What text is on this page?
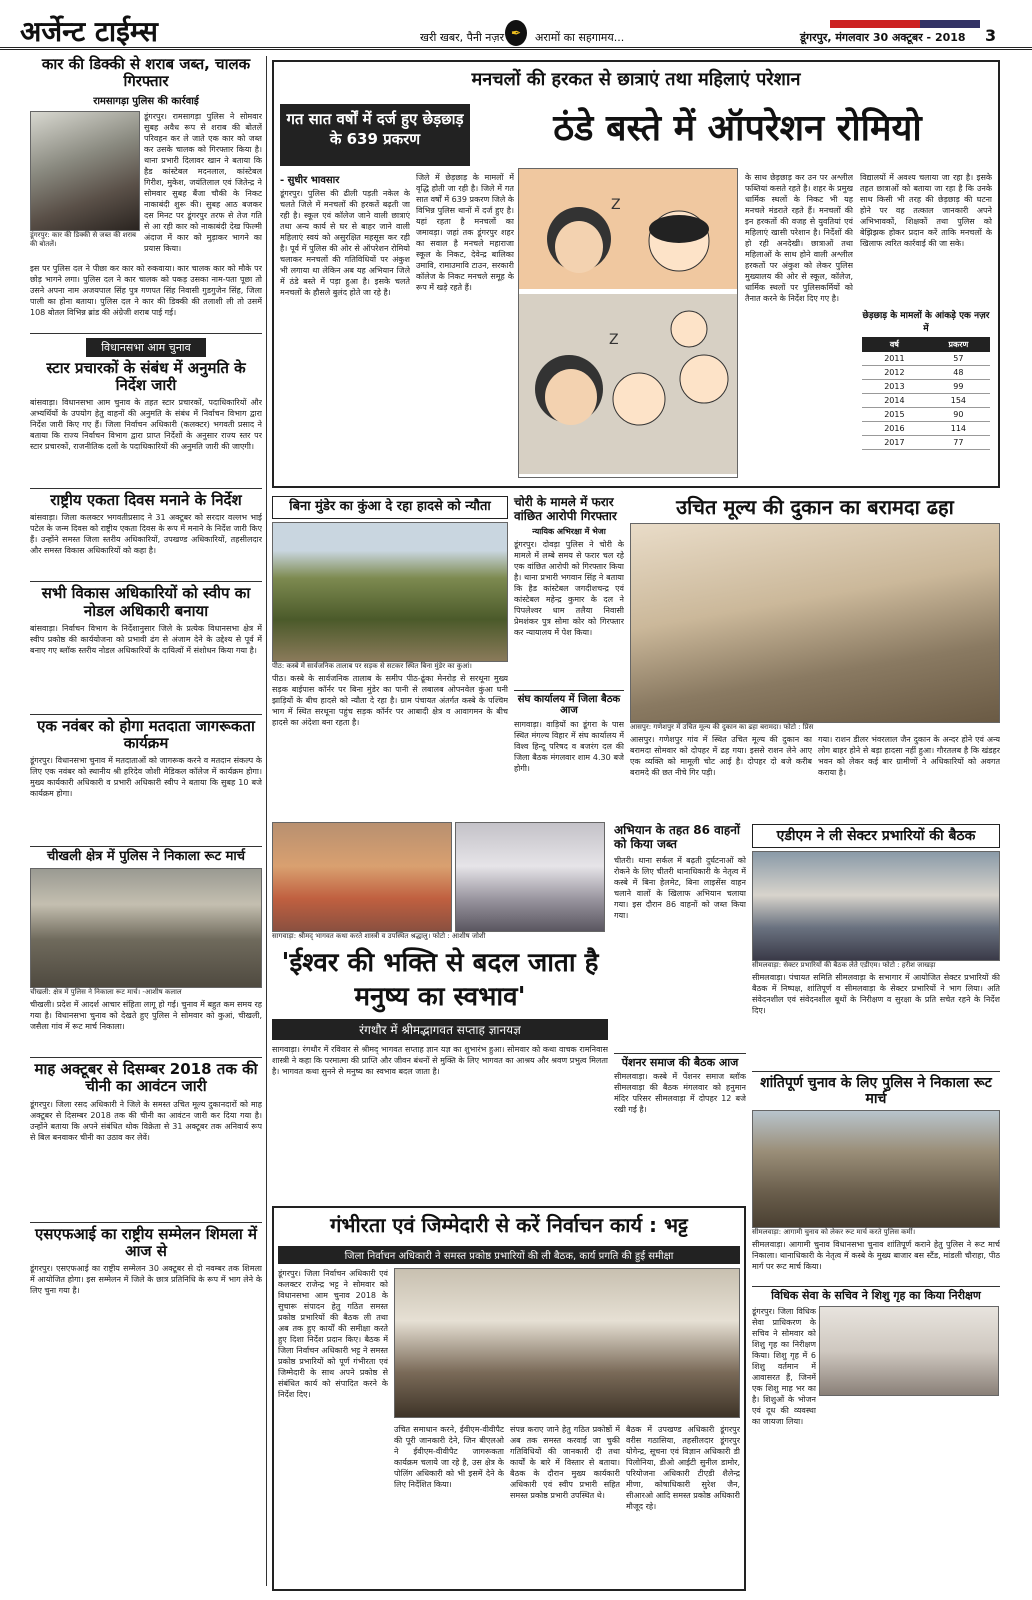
अर्जेन्ट टाईम्स	खरी खबर, पैनी नज़र ✒	अरामों का सहगामय...	डूंगरपुर, मंगलवार 30 अक्टूबर - 2018 3
कार की डिक्की से शराब जब्त, चालक गिरफ्तार
रामसागड़ा पुलिस की कार्रवाई
डूंगरपुर: कार की डिक्की से जब्त की शराब की बोतलें।
डूंगरपुर। रामसागड़ा पुलिस ने सोमवार सुबह अवैध रूप से शराब की बोतलें परिवहन कर ले जाते एक कार को जब्त कर उसके चालक को गिरफ्तार किया है। थाना प्रभारी दिलावर खान ने बताया कि हैड कांस्टेबल मदनलाल, कांस्टेबल गिरीश, मुकेश, जयंतिलाल एवं जितेन्द्र ने सोमवार सुबह बैंजा चौकी के निकट नाकाबंदी शुरू की। सुबह आठ बजकर दस मिनट पर डूंगरपुर तरफ से तेज गति से आ रही कार को नाकाबंदी देख फिल्मी अंदाज में कार को मुड़ाकर भागने का प्रयास किया।
इस पर पुलिस दल ने पीछा कर कार को रुकवाया। कार चालक कार को मौके पर छोड़ भागने लगा। पुलिस दल ने कार चालक को पकड़ उसका नाम-पता पूछा तो उसने अपना नाम अजयपाल सिंह पुत्र गणपत सिंह निवासी गुडगुजेन सिंह, जिला पाली का होना बताया। पुलिस दल ने कार की डिक्की की तलाशी ली तो उसमें 108 बोतल विभिन्न ब्रांड की अंग्रेजी शराब पाई गई।
विधानसभा आम चुनाव
स्टार प्रचारकों के संबंध में अनुमति के निर्देश जारी
बांसवाड़ा। विधानसभा आम चुनाव के तहत स्टार प्रचारकों, पदाधिकारियों और अभ्यर्थियों के उपयोग हेतु वाहनों की अनुमति के संबंध में निर्वाचन विभाग द्वारा निर्देश जारी किए गए हैं। जिला निर्वाचन अधिकारी (कलक्टर) भगवती प्रसाद ने बताया कि राज्य निर्वाचन विभाग द्वारा प्राप्त निर्देशों के अनुसार राज्य स्तर पर स्टार प्रचारकों, राजनीतिक दलों के पदाधिकारियों की अनुमति जारी की जाएगी।
राष्ट्रीय एकता दिवस मनाने के निर्देश
बांसवाड़ा। जिला कलक्टर भगवतीप्रसाद ने 31 अक्टूबर को सरदार वल्लभ भाई पटेल के जन्म दिवस को राष्ट्रीय एकता दिवस के रूप में मनाने के निर्देश जारी किए हैं। उन्होंने समस्त जिला स्तरीय अधिकारियों, उपखण्ड अधिकारियों, तहसीलदार और समस्त विकास अधिकारियों को कहा है।
सभी विकास अधिकारियों को स्वीप का नोडल अधिकारी बनाया
बांसवाड़ा। निर्वाचन विभाग के निर्देशानुसार जिले के प्रत्येक विधानसभा क्षेत्र में स्वीप प्रकोष्ठ की कार्ययोजना को प्रभावी ढंग से अंजाम देने के उद्देश्य से पूर्व में बनाए गए ब्लॉक स्तरीय नोडल अधिकारियों के दायित्वों में संशोधन किया गया है।
एक नवंबर को होगा मतदाता जागरूकता कार्यक्रम
डूंगरपुर। विधानसभा चुनाव में मतदाताओं को जागरूक करने व मतदान संकल्प के लिए एक नवंबर को स्थानीय श्री हरिदेव जोशी मेडिकल कॉलेज में कार्यक्रम होगा। मुख्य कार्यकारी अधिकारी व प्रभारी अधिकारी स्वीप ने बताया कि सुबह 10 बजे कार्यक्रम होगा।
चीखली क्षेत्र में पुलिस ने निकाला रूट मार्च
चीखली: क्षेत्र में पुलिस ने निकाला रूट मार्च। -आशीष कलाल
चीखली। प्रदेश में आदर्श आचार संहिता लागू हो गई। चुनाव में बहुत कम समय रह गया है। विधानसभा चुनाव को देखते हुए पुलिस ने सोमवार को कुआं, चीखली, जसैला गांव में रूट मार्च निकाला।
माह अक्टूबर से दिसम्बर 2018 तक की चीनी का आवंटन जारी
डूंगरपुर। जिला रसद अधिकारी ने जिले के समस्त उचित मूल्य दुकानदारों को माह अक्टूबर से दिसम्बर 2018 तक की चीनी का आवंटन जारी कर दिया गया है। उन्होंने बताया कि अपने संबंधित थोक विक्रेता से 31 अक्टूबर तक अनिवार्य रूप से बिल बनवाकर चीनी का उठाव कर लेवें।
एसएफआई का राष्ट्रीय सम्मेलन शिमला में आज से
डूंगरपुर। एसएफआई का राष्ट्रीय सम्मेलन 30 अक्टूबर से दो नवम्बर तक शिमला में आयोजित होगा। इस सम्मेलन में जिले के छात्र प्रतिनिधि के रूप में भाग लेने के लिए चुना गया है।
मनचलों की हरकत से छात्राएं तथा महिलाएं परेशान
गत सात वर्षों में दर्ज हुए छेड़छाड़ के 639 प्रकरण	ठंडे बस्ते में ऑपरेशन रोमियो
- सुधीर भावसार
डूंगरपुर। पुलिस की ढीली पड़ती नकेल के चलते जिले में मनचलों की हरकतें बढ़ती जा रही है। स्कूल एवं कॉलेज जाने वाली छात्राएं तथा अन्य कार्य से घर से बाहर जाने वाली महिलाएं स्वयं को असुरक्षित महसूस कर रही है। पूर्व में पुलिस की ओर से ऑपरेशन रोमियो चलाकर मनचलों की गतिविधियों पर अंकुश भी लगाया था लेकिन अब यह अभियान जिले में ठंडे बस्ते में पड़ा हुआ है। इसके चलते मनचलों के हौसले बुलंद होते जा रहे है।
जिले में छेड़छाड़ के मामलों में वृद्धि होती जा रही है। जिले में गत सात वर्षों में 639 प्रकरण जिले के विभिन्न पुलिस थानों में दर्ज हुए है। यहां रहता है मनचलों का जमावड़ा। जहां तक डूंगरपुर शहर का सवाल है मनचले महाराजा स्कूल के निकट, देवेन्द्र बालिका उमावि, रामाउमावि टाउन, सरकारी कॉलेज के निकट मनचले समूह के रूप में खड़े रहते हैं।
Z
Z
के साथ छेड़छाड़ कर उन पर अश्लील फब्तियां कसते रहते है। शहर के प्रमुख धार्मिक स्थलों के निकट भी यह मनचले मंडराते रहते हैं। मनचलों की इन हरकतों की वजह से युवतियां एवं महिलाएं खासी परेशान है। निर्देशों की हो रही अनदेखी। छात्राओं तथा महिलाओं के साथ होने वाली अश्लील हरकतों पर अंकुश को लेकर पुलिस मुख्यालय की ओर से स्कूल, कॉलेज, धार्मिक स्थलों पर पुलिसकर्मियों को तैनात करने के निर्देश दिए गए है।
विद्यालयों में अवश्य चलाया जा रहा है। इसके तहत छात्राओं को बताया जा रहा है कि उनके साथ किसी भी तरह की छेड़छाड़ की घटना होने पर वह तत्काल जानकारी अपने अभिभावकों, शिक्षकों तथा पुलिस को बेझिझक होकर प्रदान करें ताकि मनचलों के खिलाफ त्वरित कार्रवाई की जा सके।
छेड़छाड़ के मामलों के आंकड़े एक नज़र में
वर्ष	प्रकरण
2011	57
2012	48
2013	99
2014	154
2015	90
2016	114
2017	77
बिना मुंडेर का कुंआ दे रहा हादसे को न्यौता
पीठ: कस्बे में सार्वजनिक तालाब पर सड़क से सटकर स्थित बिना मुंडेर का कुआं।
पीठ। कस्बे के सार्वजनिक तालाब के समीप पीठ-ढूंका मेनरोड़ से सरथूना मुख्य सड़क बाईपास कॉर्नर पर बिना मुंडेर का पानी से लबालब ओपनवेल कुंआ घनी झाड़ियों के बीच हादसे को न्यौता दे रहा है। ग्राम पंचायत अंतर्गत कस्बे के पश्चिम भाग में स्थित सरथूना पहुंच सड़क कॉर्नर पर आबादी क्षेत्र व आवागमन के बीच हादसे का अंदेशा बना रहता है।
चोरी के मामले में फरार वांछित आरोपी गिरफ्तार
न्यायिक अभिरक्षा में भेजा
डूंगरपुर। दोवड़ा पुलिस ने चोरी के मामले में लम्बे समय से फरार चल रहे एक वांछित आरोपी को गिरफ्तार किया है। थाना प्रभारी भगवान सिंह ने बताया कि हैड कांस्टेबल जगदीशचन्द्र एवं कांस्टेबल महेन्द्र कुमार के दल ने पिपलेश्वर धाम तलैया निवासी प्रेमशंकर पुत्र सोमा कोर को गिरफ्तार कर न्यायालय में पेश किया।
संघ कार्यालय में जिला बैठक आज
सागवाड़ा। वाड़ियों का डूंगरा के पास स्थित मंगल्य विहार में संघ कार्यालय में विश्व हिन्दू परिषद व बजरंग दल की जिला बैठक मंगलवार शाम 4.30 बजे होगी।
उचित मूल्य की दुकान का बरामदा ढहा
आसपुर: गणेशपुर में उचित मूल्य की दुकान का ढहा बरामदा। फोटो : प्रिंस
आसपुर। गणेशपुर गांव में स्थित उचित मूल्य की दुकान का बरामदा सोमवार को दोपहर में ढह गया। इससे राशन लेने आए एक व्यक्ति को मामूली चोट आई है। दोपहर दो बजे करीब बरामदे की छत नीचे गिर पड़ी।
गया। राशन डीलर भंवरलाल जैन दुकान के अन्दर होने एवं अन्य लोग बाहर होने से बड़ा हादसा नहीं हुआ। गौरतलब है कि खंडहर भवन को लेकर कई बार ग्रामीणों ने अधिकारियों को अवगत कराया है।
सागवाड़ा: श्रीमद् भागवत कथा करते शास्त्री व उपस्थित श्रद्धालु। फोटो : आशीष जोशी
'ईश्वर की भक्ति से बदल जाता है मनुष्य का स्वभाव'
रंगथौर में श्रीमद्भागवत सप्ताह ज्ञानयज्ञ
सागवाड़ा। रंगथौर में रविवार से श्रीमद् भागवत सप्ताह ज्ञान यज्ञ का शुभारंभ हुआ। सोमवार को कथा वाचक रामनिवास शास्त्री ने कहा कि परमात्मा की प्राप्ति और जीवन बंधनों से मुक्ति के लिए भागवत का आश्रय और श्रवण प्रभुत्व मिलता है। भागवत कथा सुनने से मनुष्य का स्वभाव बदल जाता है।
अभियान के तहत 86 वाहनों को किया जब्त
चीतरी। थाना सर्कल में बढ़ती दुर्घटनाओं को रोकने के लिए चीतरी थानाधिकारी के नेतृत्व में कस्बे में बिना हेलमेट, बिना लाइसेंस वाहन चलाने वालों के खिलाफ अभियान चलाया गया। इस दौरान 86 वाहनों को जब्त किया गया।
पेंशनर समाज की बैठक आज
सीमलवाड़ा। कस्बे में पेंशनर समाज ब्लॉक सीमलवाड़ा की बैठक मंगलवार को हनुमान मंदिर परिसर सीमलवाड़ा में दोपहर 12 बजे रखी गई है।
एडीएम ने ली सेक्टर प्रभारियों की बैठक
सीमलवाड़ा: सेक्टर प्रभारियों की बैठक लेते एडीएम। फोटो : हरीश जाखड़ा
सीमलवाड़ा। पंचायत समिति सीमलवाड़ा के सभागार में आयोजित सेक्टर प्रभारियों की बैठक में निष्पक्ष, शांतिपूर्ण व सीमलवाड़ा के सेक्टर प्रभारियों ने भाग लिया। अति संवेदनशील एवं संवेदनशील बूथों के निरीक्षण व सुरक्षा के प्रति सचेत रहने के निर्देश दिए।
शांतिपूर्ण चुनाव के लिए पुलिस ने निकाला रूट मार्च
सीमलवाड़ा: आगामी चुनाव को लेकर रूट मार्च करते पुलिस कर्मी।
सीमलवाड़ा। आगामी चुनाव विधानसभा चुनाव शांतिपूर्ण कराने हेतु पुलिस ने रूट मार्च निकाला। थानाधिकारी के नेतृत्व में कस्बे के मुख्य बाजार बस स्टैंड, मांडली चौराहा, पीठ मार्ग पर रूट मार्च किया।
विधिक सेवा के सचिव ने शिशु गृह का किया निरीक्षण
डूंगरपुर। जिला विधिक सेवा प्राधिकरण के सचिव ने सोमवार को शिशु गृह का निरीक्षण किया। शिशु गृह में 6 शिशु वर्तमान में आवासरत हैं, जिनमें एक शिशु माह भर का है। शिशुओं के भोजन एवं दूध की व्यवस्था का जायजा लिया।
गंभीरता एवं जिम्मेदारी से करें निर्वाचन कार्य : भट्ट
जिला निर्वाचन अधिकारी ने समस्त प्रकोष्ठ प्रभारियों की ली बैठक, कार्य प्रगति की हुई समीक्षा
डूंगरपुर। जिला निर्वाचन अधिकारी एवं कलक्टर राजेन्द्र भट्ट ने सोमवार को विधानसभा आम चुनाव 2018 के सुचारू संपादन हेतु गठित समस्त प्रकोष्ठ प्रभारियों की बैठक ली तथा अब तक हुए कार्यों की समीक्षा करते हुए दिशा निर्देश प्रदान किए। बैठक में जिला निर्वाचन अधिकारी भट्ट ने समस्त प्रकोष्ठ प्रभारियों को पूर्ण गंभीरता एवं जिम्मेदारी के साथ अपने प्रकोष्ठ से संबंधित कार्य को संपादित करने के निर्देश दिए।
उचित समाधान करने, ईवीएम-वीवीपैट की पूरी जानकारी देने, जिन बीएलओ ने ईवीएम-वीवीपैट जागरूकता कार्यक्रम चलाये जा रहे है, उस क्षेत्र के पोलिंग अधिकारी को भी इसमें देने के लिए निर्देशित किया।
संपन्न कराए जाने हेतु गठित प्रकोष्ठों में अब तक समस्त करवाई जा चुकी गतिविधियों की जानकारी दी तथा कार्यों के बारे में विस्तार से बताया। बैठक के दौरान मुख्य कार्यकारी अधिकारी एवं स्वीप प्रभारी सहित समस्त प्रकोष्ठ प्रभारी उपस्थित थे।
बैठक में उपखण्ड अधिकारी डूंगरपुर वरीस गठासिया, तहसीलदार डूंगरपुर योगेन्द्र, सूचना एवं विज्ञान अधिकारी डी पिलोनिया, डीओ आईटी सुनील डामोर, परियोजना अधिकारी टीएडी शैलेन्द्र मीणा, कोषाधिकारी सुरेश जैन, सीआरओ आदि समस्त प्रकोष्ठ अधिकारी मौजूद रहे।
